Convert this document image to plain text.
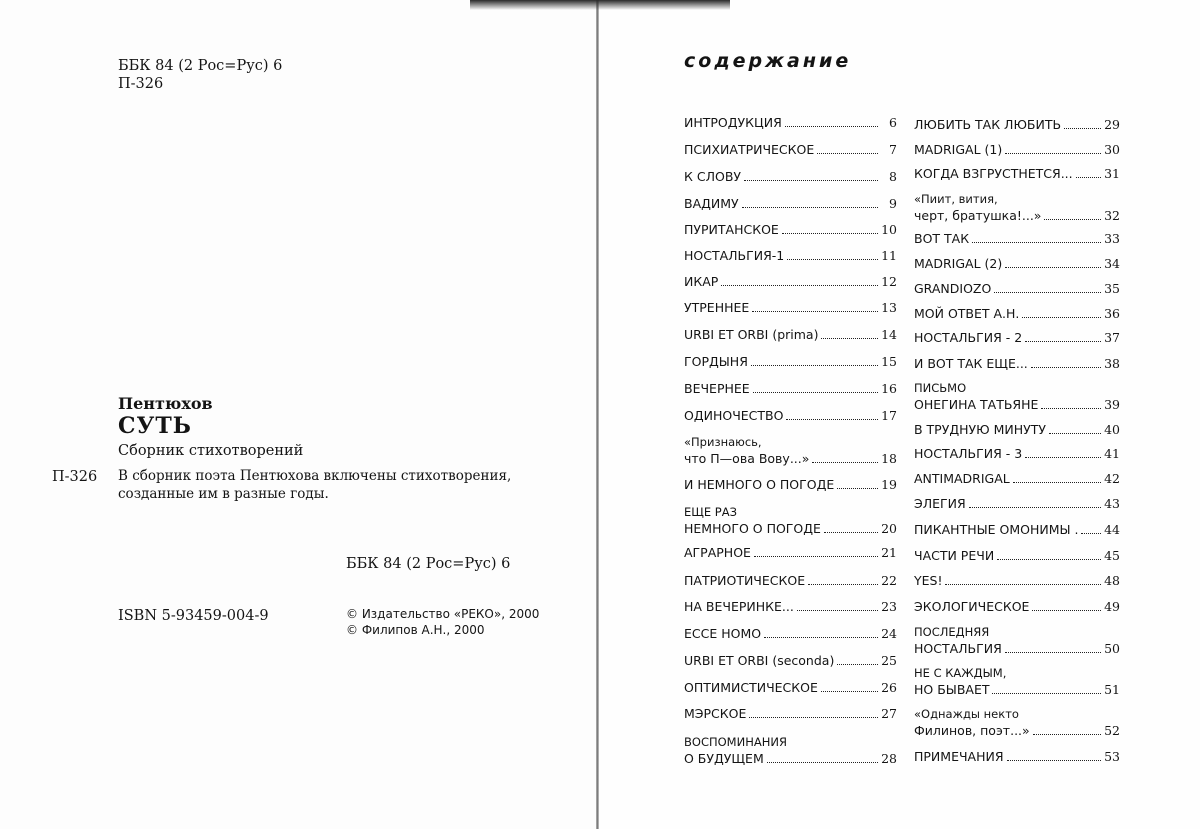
ББК 84 (2 Рос=Рус) 6
П-326
Пентюхов
СУТЬ
Сборник стихотворений
П-326 В сборник поэта Пентюхова включены стихотворения, созданные им в разные годы.
ББК 84 (2 Рос=Рус) 6
ISBN 5-93459-004-9	© Издательство «РЕКО», 2000
© Филипов А.Н., 2000
содержание
ИНТРОДУКЦИЯ	6
ПСИХИАТРИЧЕСКОЕ	7
К СЛОВУ	8
ВАДИМУ	9
ПУРИТАНСКОЕ	10
НОСТАЛЬГИЯ-1	11
ИКАР	12
УТРЕННЕЕ	13
URBI ET ORBI (prima)	14
ГОРДЫНЯ	15
ВЕЧЕРНЕЕ	16
ОДИНОЧЕСТВО	17
«Признаюсь,
что П—ова Вову...»	18
И НЕМНОГО О ПОГОДЕ	19
ЕЩЕ РАЗ
НЕМНОГО О ПОГОДЕ	20
АГРАРНОЕ	21
ПАТРИОТИЧЕСКОЕ	22
НА ВЕЧЕРИНКЕ...	23
ECCE HOMO	24
URBI ET ORBI (seconda)	25
ОПТИМИСТИЧЕСКОЕ	26
МЭРСКОЕ	27
ВОСПОМИНАНИЯ
О БУДУЩЕМ	28
ЛЮБИТЬ ТАК ЛЮБИТЬ	29
MADRIGAL (1)	30
КОГДА ВЗГРУСТНЕТСЯ...	31
«Пиит, вития,
черт, братушка!...»	32
ВОТ ТАК	33
MADRIGAL (2)	34
GRANDIOZO	35
МОЙ ОТВЕТ А.Н.	36
НОСТАЛЬГИЯ - 2	37
И ВОТ ТАК ЕЩЕ...	38
ПИСЬМО
ОНЕГИНА ТАТЬЯНЕ	39
В ТРУДНУЮ МИНУТУ	40
НОСТАЛЬГИЯ - 3	41
ANTIMADRIGAL	42
ЭЛЕГИЯ	43
ПИКАНТНЫЕ ОМОНИМЫ . 44
ЧАСТИ РЕЧИ	45
YES!	48
ЭКОЛОГИЧЕСКОЕ	49
ПОСЛЕДНЯЯ
НОСТАЛЬГИЯ	50
НЕ С КАЖДЫМ,
НО БЫВАЕТ	51
«Однажды некто
Филинов, поэт...»	52
ПРИМЕЧАНИЯ	53
